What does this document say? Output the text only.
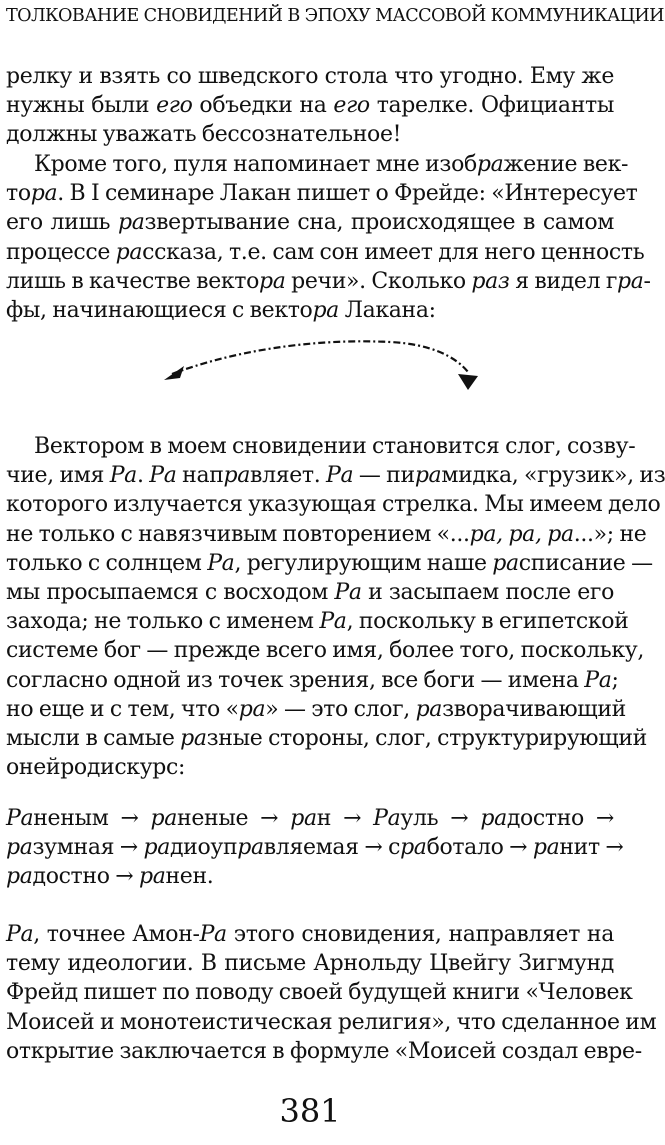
ТОЛКОВАНИЕ СНОВИДЕНИЙ В ЭПОХУ МАССОВОЙ КОММУНИКАЦИИ
релку и взять со шведского стола что угодно. Ему же
нужны были его объедки на его тарелке. Официанты
должны уважать бессознательное!
Кроме того, пуля напоминает мне изображение век-
тора. В I семинаре Лакан пишет о Фрейде: «Интересует
его лишь развертывание сна, происходящее в самом
процессе рассказа, т.е. сам сон имеет для него ценность
лишь в качестве вектора речи». Сколько раз я видел гра-
фы, начинающиеся с вектора Лакана:
Вектором в моем сновидении становится слог, созву-
чие, имя Ра. Ра направляет. Ра — пирамидка, «грузик», из
которого излучается указующая стрелка. Мы имеем дело
не только с навязчивым повторением «...ра, ра, ра...»; не
только с солнцем Ра, регулирующим наше расписание —
мы просыпаемся с восходом Ра и засыпаем после его
захода; не только с именем Ра, поскольку в египетской
системе бог — прежде всего имя, более того, поскольку,
согласно одной из точек зрения, все боги — имена Ра;
но еще и с тем, что «ра» — это слог, разворачивающий
мысли в самые разные стороны, слог, структурирующий
онейродискурс:
Раненым → раненые → ран → Рауль → радостно →
разумная → радиоуправляемая → сработало → ранит →
радостно → ранен.
Ра, точнее Амон-Ра этого сновидения, направляет на
тему идеологии. В письме Арнольду Цвейгу Зигмунд
Фрейд пишет по поводу своей будущей книги «Человек
Моисей и монотеистическая религия», что сделанное им
открытие заключается в формуле «Моисей создал евре-
381
